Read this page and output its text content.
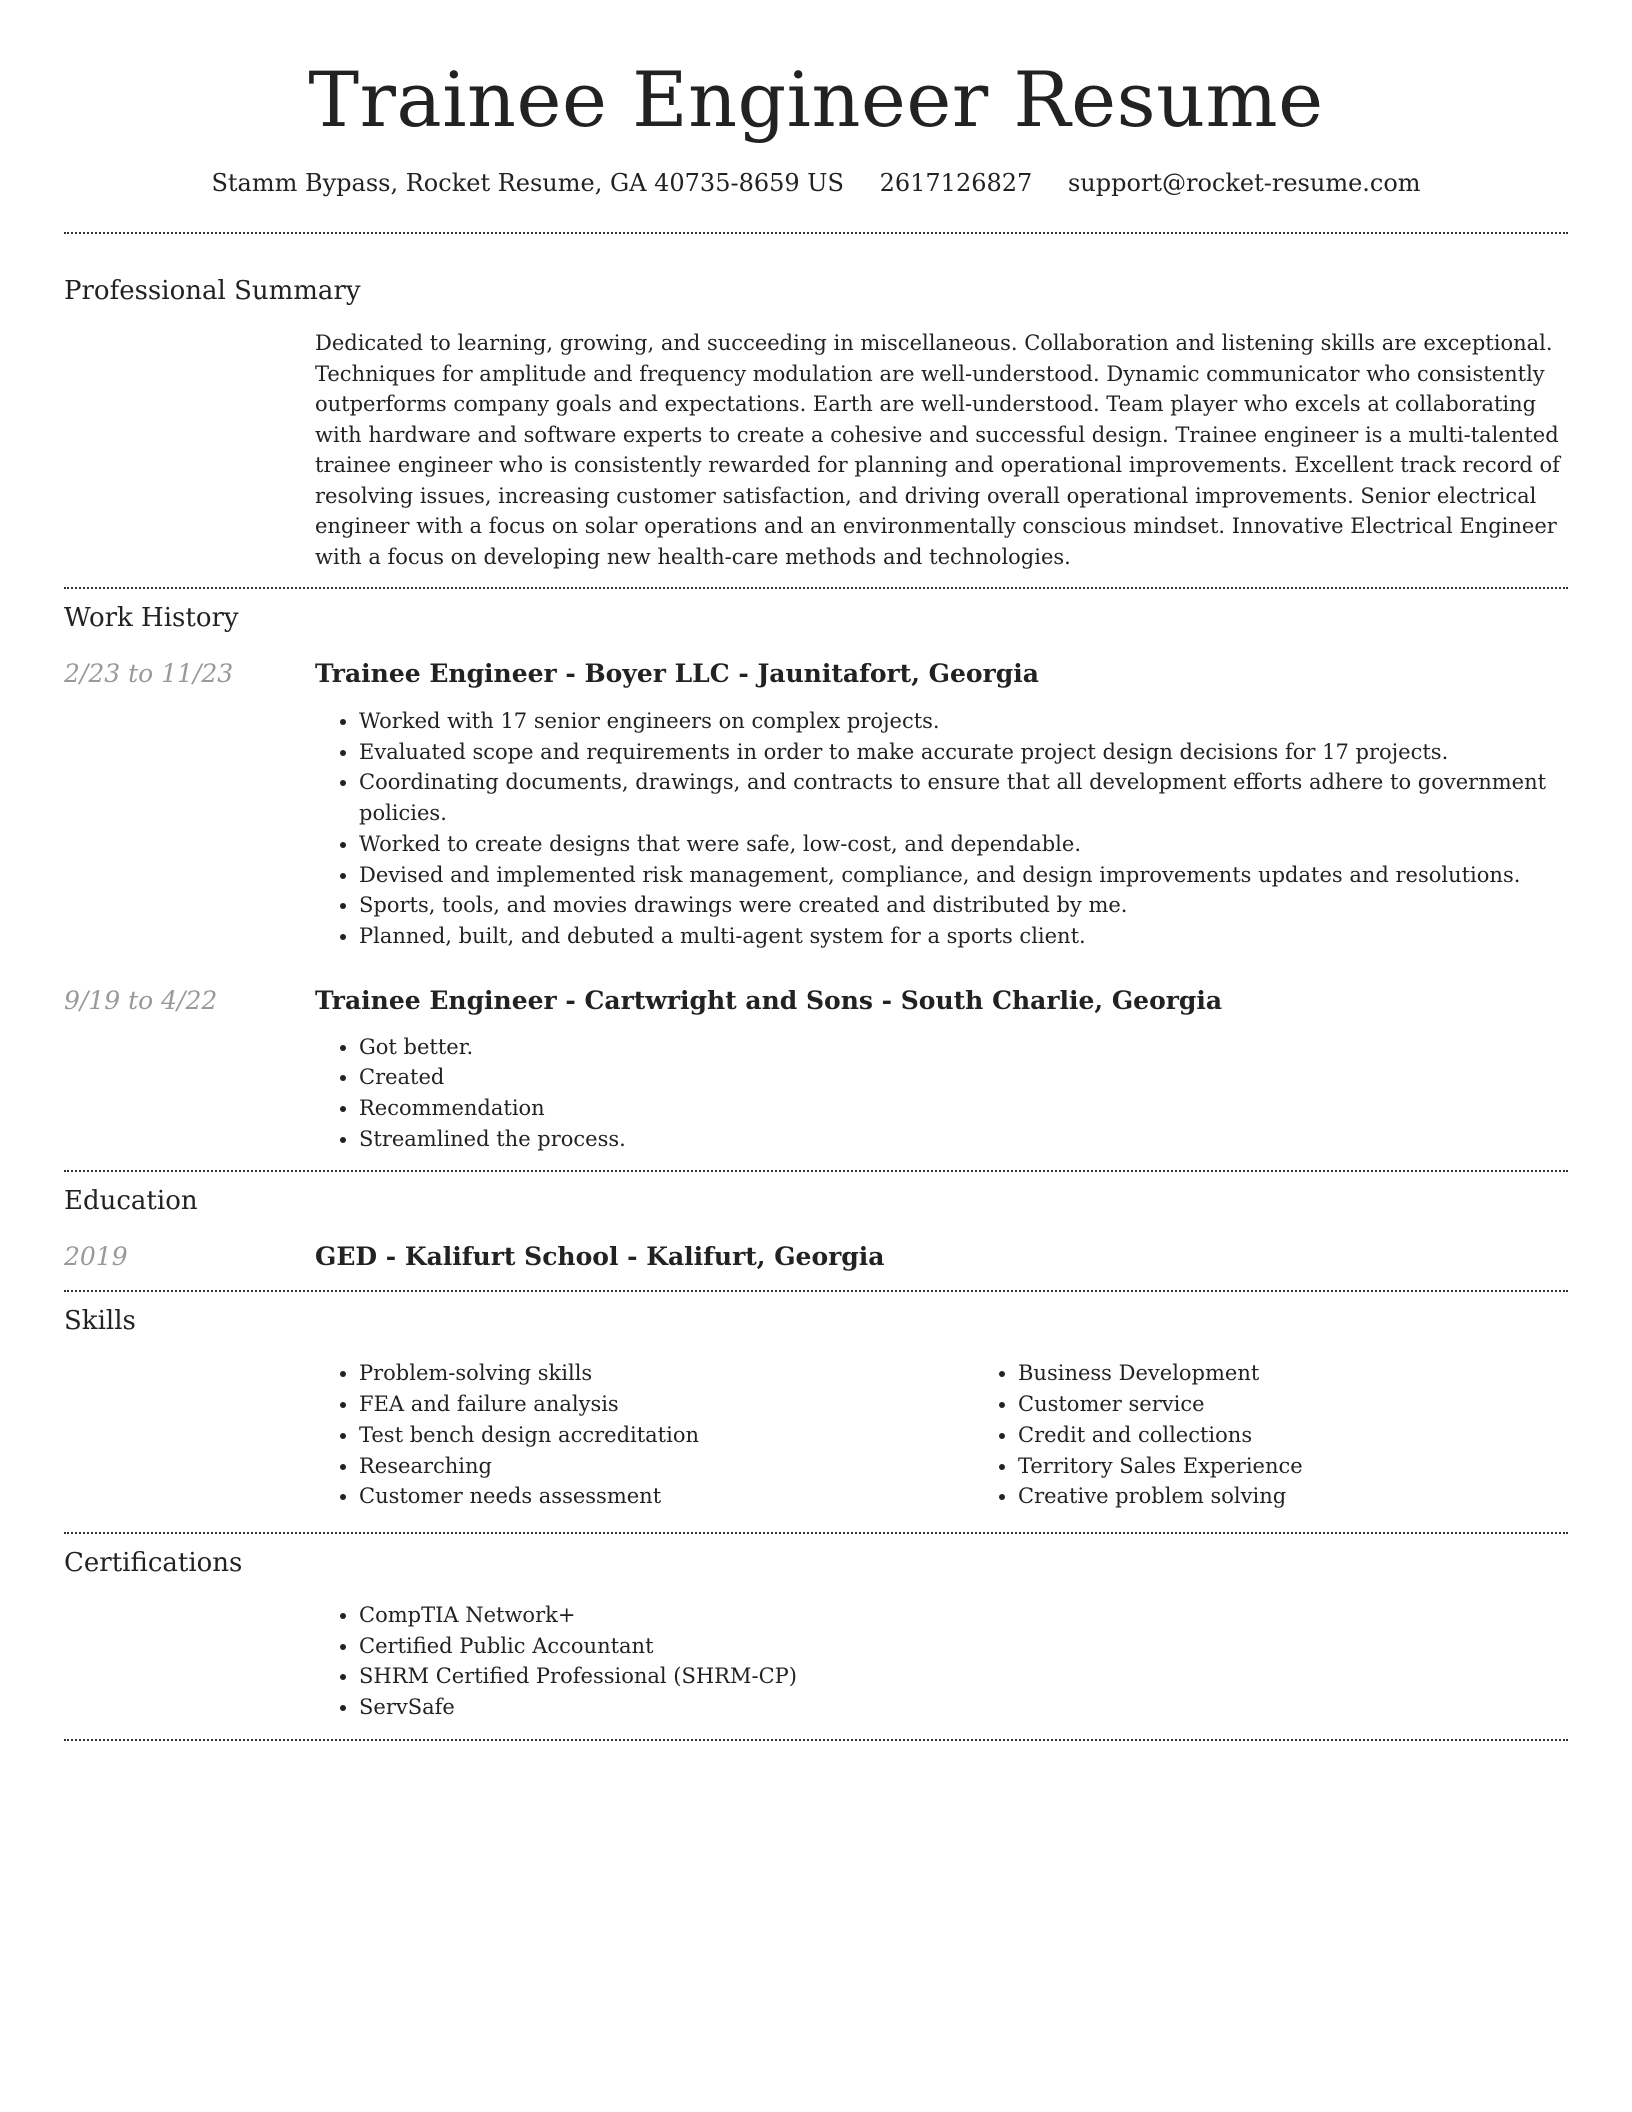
Trainee Engineer Resume
Stamm Bypass, Rocket Resume, GA 40735-8659 US 2617126827 support@rocket-resume.com
Professional Summary

Dedicated to learning, growing, and succeeding in miscellaneous. Collaboration and listening skills are exceptional. Techniques for amplitude and frequency modulation are well-understood. Dynamic communicator who consistently outperforms company goals and expectations. Earth are well-understood. Team player who excels at collaborating with hardware and software experts to create a cohesive and successful design. Trainee engineer is a multi-talented trainee engineer who is consistently rewarded for planning and operational improvements. Excellent track record of resolving issues, increasing customer satisfaction, and driving overall operational improvements. Senior electrical engineer with a focus on solar operations and an environmentally conscious mindset. Innovative Electrical Engineer with a focus on developing new health-care methods and technologies.

Work History
2/23 to 11/23	Trainee Engineer - Boyer LLC - Jaunitafort, Georgia
• Worked with 17 senior engineers on complex projects.
• Evaluated scope and requirements in order to make accurate project design decisions for 17 projects.
• Coordinating documents, drawings, and contracts to ensure that all development efforts adhere to government policies.
• Worked to create designs that were safe, low-cost, and dependable.
• Devised and implemented risk management, compliance, and design improvements updates and resolutions.
• Sports, tools, and movies drawings were created and distributed by me.
• Planned, built, and debuted a multi-agent system for a sports client.
9/19 to 4/22	Trainee Engineer - Cartwright and Sons - South Charlie, Georgia
• Got better.
• Created
• Recommendation
• Streamlined the process.
Education
2019	GED - Kalifurt School - Kalifurt, Georgia
Skills
• Problem-solving skills
• FEA and failure analysis
• Test bench design accreditation
• Researching
• Customer needs assessment
• Business Development
• Customer service
• Credit and collections
• Territory Sales Experience
• Creative problem solving
Certifications
• CompTIA Network+
• Certified Public Accountant
• SHRM Certified Professional (SHRM-CP)
• ServSafe
